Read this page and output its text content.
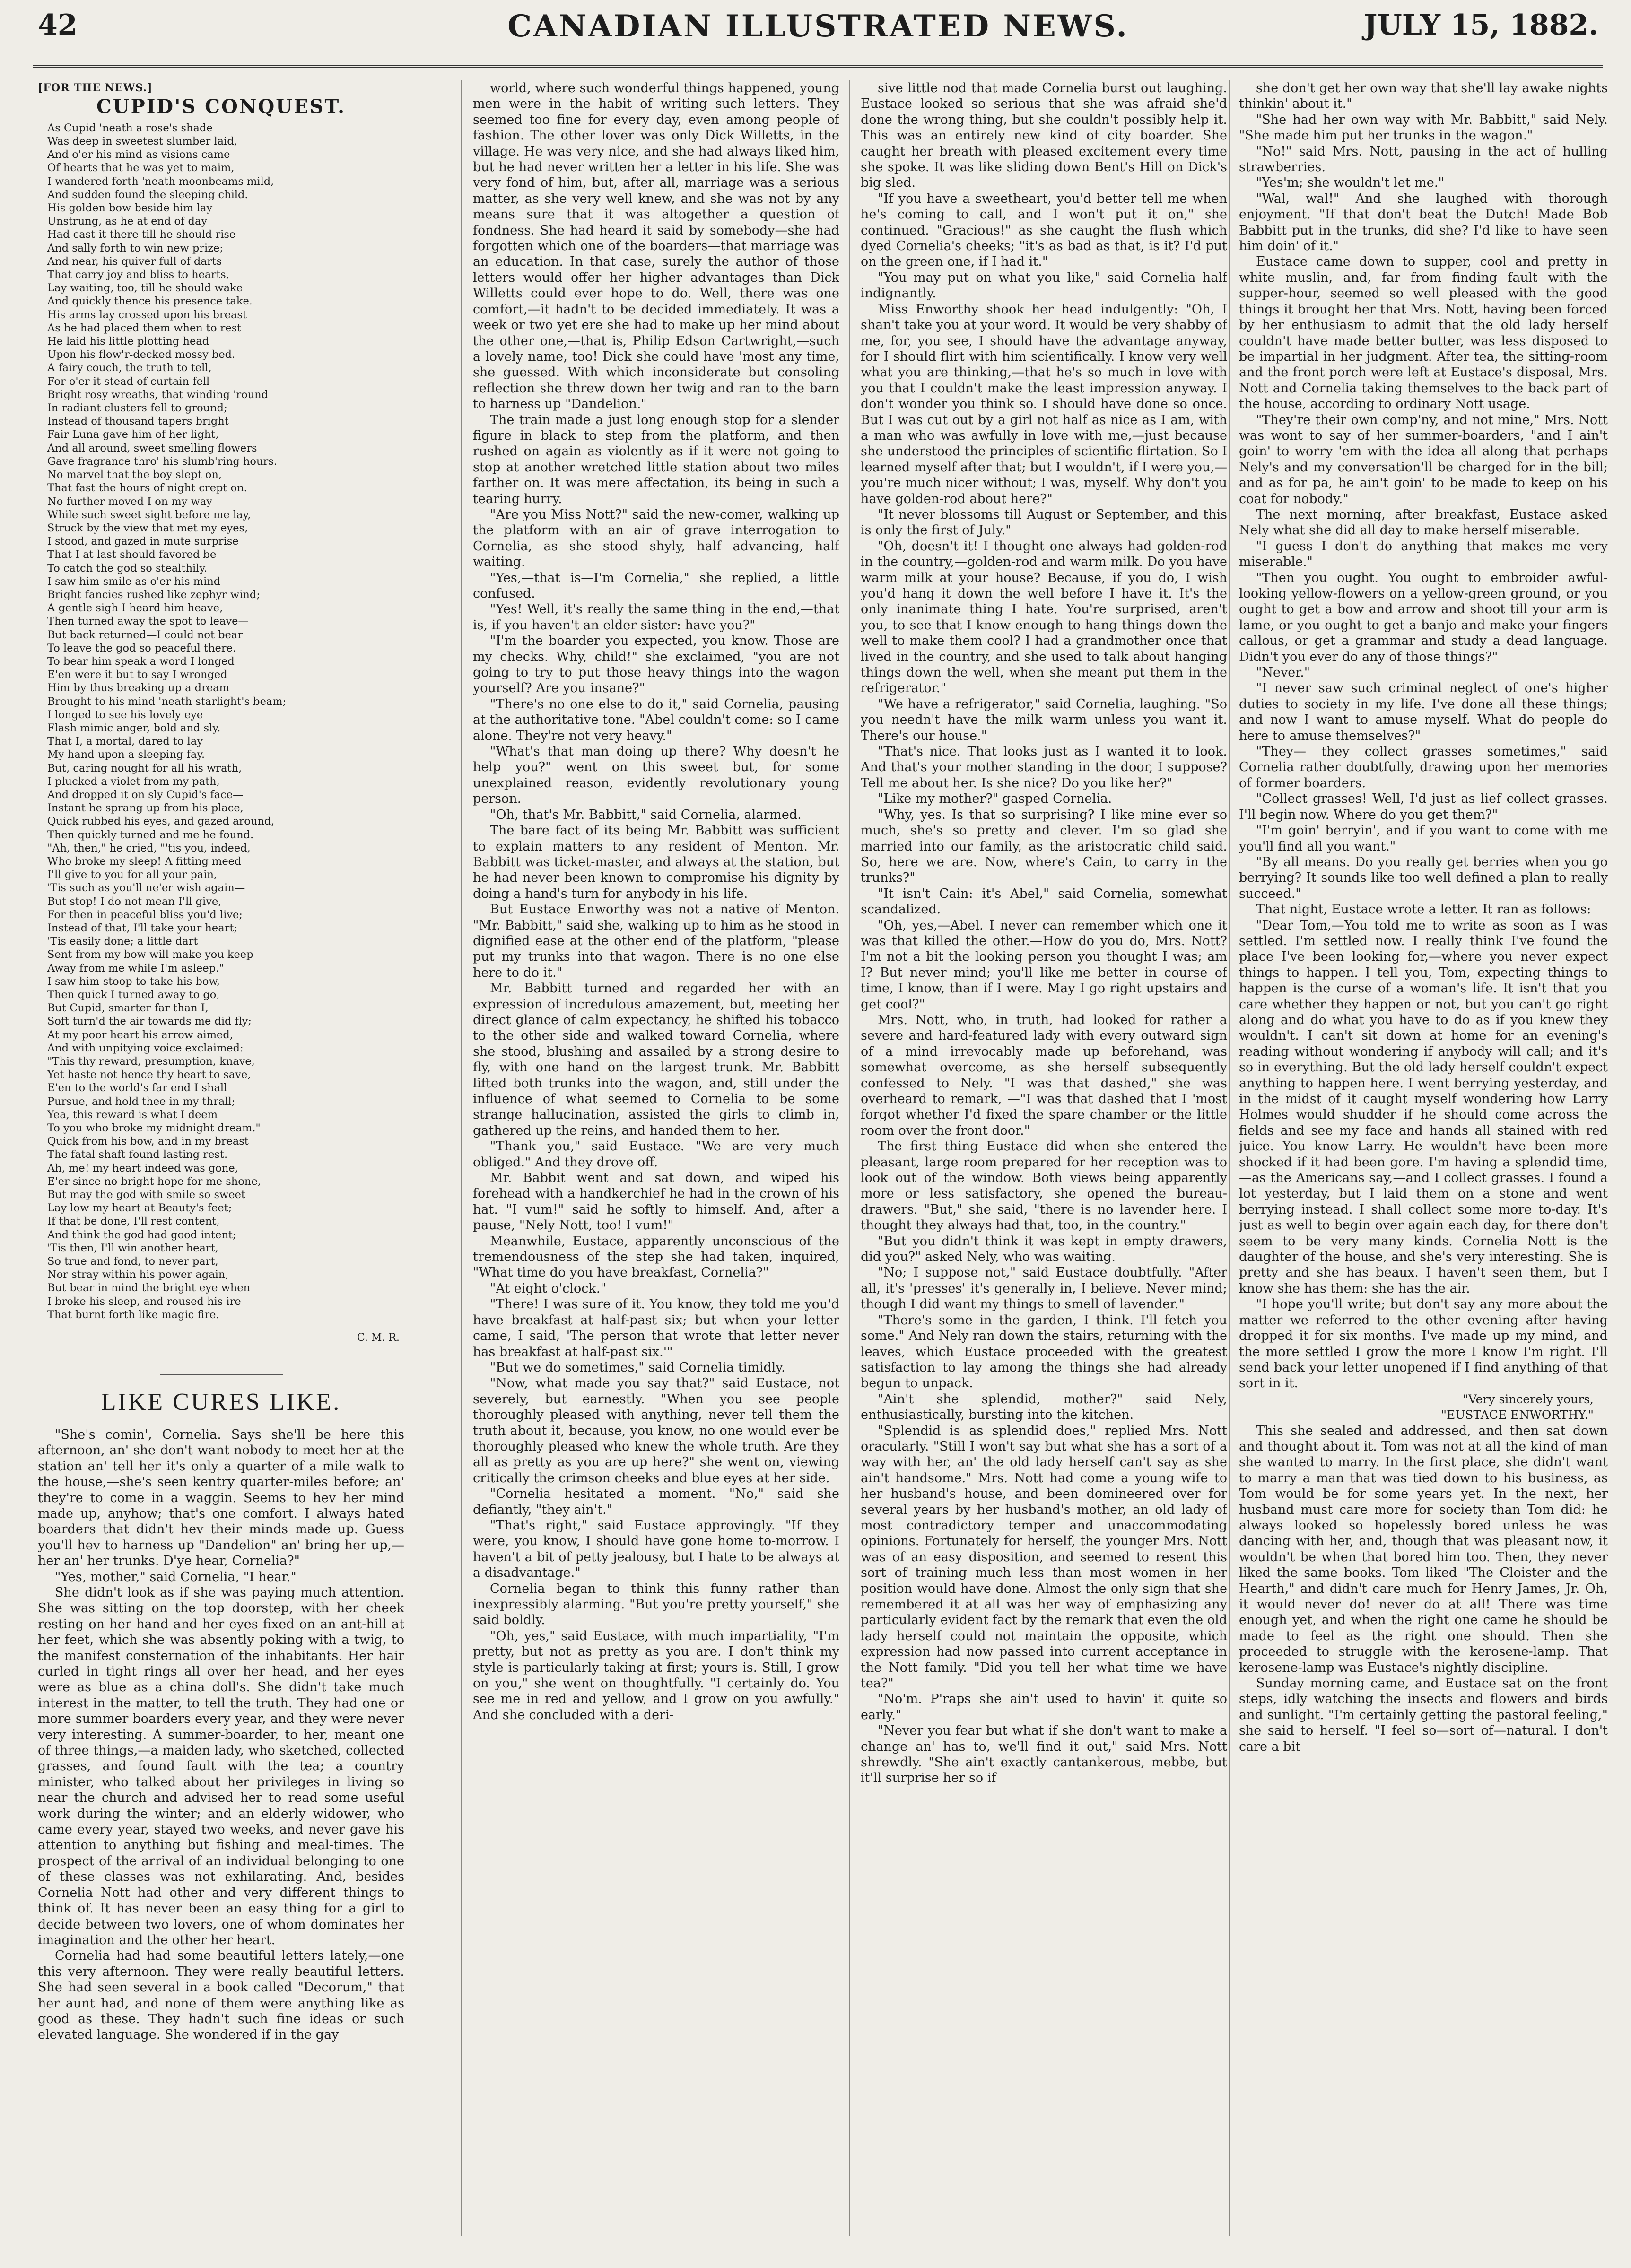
42	CANADIAN ILLUSTRATED NEWS.	JULY 15, 1882.
[FOR THE NEWS.]
CUPID'S CONQUEST.
As Cupid 'neath a rose's shade
Was deep in sweetest slumber laid,
And o'er his mind as visions came
Of hearts that he was yet to maim,
I wandered forth 'neath moonbeams mild,
And sudden found the sleeping child.
His golden bow beside him lay
Unstrung, as he at end of day
Had cast it there till he should rise
And sally forth to win new prize;
And near, his quiver full of darts
That carry joy and bliss to hearts,
Lay waiting, too, till he should wake
And quickly thence his presence take.
His arms lay crossed upon his breast
As he had placed them when to rest
He laid his little plotting head
Upon his flow'r-decked mossy bed.
A fairy couch, the truth to tell,
For o'er it stead of curtain fell
Bright rosy wreaths, that winding 'round
In radiant clusters fell to ground;
Instead of thousand tapers bright
Fair Luna gave him of her light,
And all around, sweet smelling flowers
Gave fragrance thro' his slumb'ring hours.
No marvel that the boy slept on,
That fast the hours of night crept on.
No further moved I on my way
While such sweet sight before me lay,
Struck by the view that met my eyes,
I stood, and gazed in mute surprise
That I at last should favored be
To catch the god so stealthily.
I saw him smile as o'er his mind
Bright fancies rushed like zephyr wind;
A gentle sigh I heard him heave,
Then turned away the spot to leave—
But back returned—I could not bear
To leave the god so peaceful there.
To bear him speak a word I longed
E'en were it but to say I wronged
Him by thus breaking up a dream
Brought to his mind 'neath starlight's beam;
I longed to see his lovely eye
Flash mimic anger, bold and sly.
That I, a mortal, dared to lay
My hand upon a sleeping fay.
But, caring nought for all his wrath,
I plucked a violet from my path,
And dropped it on sly Cupid's face—
Instant he sprang up from his place,
Quick rubbed his eyes, and gazed around,
Then quickly turned and me he found.
"Ah, then," he cried, "'tis you, indeed,
Who broke my sleep! A fitting meed
I'll give to you for all your pain,
'Tis such as you'll ne'er wish again—
But stop! I do not mean I'll give,
For then in peaceful bliss you'd live;
Instead of that, I'll take your heart;
'Tis easily done; a little dart
Sent from my bow will make you keep
Away from me while I'm asleep."
I saw him stoop to take his bow,
Then quick I turned away to go,
But Cupid, smarter far than I,
Soft turn'd the air towards me did fly;
At my poor heart his arrow aimed,
And with unpitying voice exclaimed:
"This thy reward, presumption, knave,
Yet haste not hence thy heart to save,
E'en to the world's far end I shall
Pursue, and hold thee in my thrall;
Yea, this reward is what I deem
To you who broke my midnight dream."
Quick from his bow, and in my breast
The fatal shaft found lasting rest.
Ah, me! my heart indeed was gone,
E'er since no bright hope for me shone,
But may the god with smile so sweet
Lay low my heart at Beauty's feet;
If that be done, I'll rest content,
And think the god had good intent;
'Tis then, I'll win another heart,
So true and fond, to never part,
Nor stray within his power again,
But bear in mind the bright eye when
I broke his sleep, and roused his ire
That burnt forth like magic fire.
C. M. R.
LIKE CURES LIKE.

"She's comin', Cornelia. Says she'll be here this afternoon, an' she don't want nobody to meet her at the station an' tell her it's only a quarter of a mile walk to the house,—she's seen kentry quarter-miles before; an' they're to come in a waggin. Seems to hev her mind made up, anyhow; that's one comfort. I always hated boarders that didn't hev their minds made up. Guess you'll hev to harness up "Dandelion" an' bring her up,—her an' her trunks. D'ye hear, Cornelia?"

"Yes, mother," said Cornelia, "I hear."

She didn't look as if she was paying much attention. She was sitting on the top doorstep, with her cheek resting on her hand and her eyes fixed on an ant-hill at her feet, which she was absently poking with a twig, to the manifest consternation of the inhabitants. Her hair curled in tight rings all over her head, and her eyes were as blue as a china doll's. She didn't take much interest in the matter, to tell the truth. They had one or more summer boarders every year, and they were never very interesting. A summer-boarder, to her, meant one of three things,—a maiden lady, who sketched, collected grasses, and found fault with the tea; a country minister, who talked about her privileges in living so near the church and advised her to read some useful work during the winter; and an elderly widower, who came every year, stayed two weeks, and never gave his attention to anything but fishing and meal-times. The prospect of the arrival of an individual belonging to one of these classes was not exhilarating. And, besides Cornelia Nott had other and very different things to think of. It has never been an easy thing for a girl to decide between two lovers, one of whom dominates her imagination and the other her heart.

Cornelia had had some beautiful letters lately,—one this very afternoon. They were really beautiful letters. She had seen several in a book called "Decorum," that her aunt had, and none of them were anything like as good as these. They hadn't such fine ideas or such elevated language. She wondered if in the gay

world, where such wonderful things happened, young men were in the habit of writing such letters. They seemed too fine for every day, even among people of fashion. The other lover was only Dick Willetts, in the village. He was very nice, and she had always liked him, but he had never written her a letter in his life. She was very fond of him, but, after all, marriage was a serious matter, as she very well knew, and she was not by any means sure that it was altogether a question of fondness. She had heard it said by somebody—she had forgotten which one of the boarders—that marriage was an education. In that case, surely the author of those letters would offer her higher advantages than Dick Willetts could ever hope to do. Well, there was one comfort,—it hadn't to be decided immediately. It was a week or two yet ere she had to make up her mind about the other one,—that is, Philip Edson Cartwright,—such a lovely name, too! Dick she could have 'most any time, she guessed. With which inconsiderate but consoling reflection she threw down her twig and ran to the barn to harness up "Dandelion."

The train made a just long enough stop for a slender figure in black to step from the platform, and then rushed on again as violently as if it were not going to stop at another wretched little station about two miles farther on. It was mere affectation, its being in such a tearing hurry.

"Are you Miss Nott?" said the new-comer, walking up the platform with an air of grave interrogation to Cornelia, as she stood shyly, half advancing, half waiting.

"Yes,—that is—I'm Cornelia," she replied, a little confused.

"Yes! Well, it's really the same thing in the end,—that is, if you haven't an elder sister: have you?"

"I'm the boarder you expected, you know. Those are my checks. Why, child!" she exclaimed, "you are not going to try to put those heavy things into the wagon yourself? Are you insane?"

"There's no one else to do it," said Cornelia, pausing at the authoritative tone. "Abel couldn't come: so I came alone. They're not very heavy."

"What's that man doing up there? Why doesn't he help you?" went on this sweet but, for some unexplained reason, evidently revolutionary young person.

"Oh, that's Mr. Babbitt," said Cornelia, alarmed.

The bare fact of its being Mr. Babbitt was sufficient to explain matters to any resident of Menton. Mr. Babbitt was ticket-master, and always at the station, but he had never been known to compromise his dignity by doing a hand's turn for anybody in his life.

But Eustace Enworthy was not a native of Menton. "Mr. Babbitt," said she, walking up to him as he stood in dignified ease at the other end of the platform, "please put my trunks into that wagon. There is no one else here to do it."

Mr. Babbitt turned and regarded her with an expression of incredulous amazement, but, meeting her direct glance of calm expectancy, he shifted his tobacco to the other side and walked toward Cornelia, where she stood, blushing and assailed by a strong desire to fly, with one hand on the largest trunk. Mr. Babbitt lifted both trunks into the wagon, and, still under the influence of what seemed to Cornelia to be some strange hallucination, assisted the girls to climb in, gathered up the reins, and handed them to her.

"Thank you," said Eustace. "We are very much obliged." And they drove off.

Mr. Babbit went and sat down, and wiped his forehead with a handkerchief he had in the crown of his hat. "I vum!" said he softly to himself. And, after a pause, "Nely Nott, too! I vum!"

Meanwhile, Eustace, apparently unconscious of the tremendousness of the step she had taken, inquired, "What time do you have breakfast, Cornelia?"

"At eight o'clock."

"There! I was sure of it. You know, they told me you'd have breakfast at half-past six; but when your letter came, I said, 'The person that wrote that letter never has breakfast at half-past six.'"

"But we do sometimes," said Cornelia timidly.

"Now, what made you say that?" said Eustace, not severely, but earnestly. "When you see people thoroughly pleased with anything, never tell them the truth about it, because, you know, no one would ever be thoroughly pleased who knew the whole truth. Are they all as pretty as you are up here?" she went on, viewing critically the crimson cheeks and blue eyes at her side.

"Cornelia hesitated a moment. "No," said she defiantly, "they ain't."

"That's right," said Eustace approvingly. "If they were, you know, I should have gone home to-morrow. I haven't a bit of petty jealousy, but I hate to be always at a disadvantage."

Cornelia began to think this funny rather than inexpressibly alarming. "But you're pretty yourself," she said boldly.

"Oh, yes," said Eustace, with much impartiality, "I'm pretty, but not as pretty as you are. I don't think my style is particularly taking at first; yours is. Still, I grow on you," she went on thoughtfully. "I certainly do. You see me in red and yellow, and I grow on you awfully." And she concluded with a deri-

sive little nod that made Cornelia burst out laughing. Eustace looked so serious that she was afraid she'd done the wrong thing, but she couldn't possibly help it. This was an entirely new kind of city boarder. She caught her breath with pleased excitement every time she spoke. It was like sliding down Bent's Hill on Dick's big sled.

"If you have a sweetheart, you'd better tell me when he's coming to call, and I won't put it on," she continued. "Gracious!" as she caught the flush which dyed Cornelia's cheeks; "it's as bad as that, is it? I'd put on the green one, if I had it."

"You may put on what you like," said Cornelia half indignantly.

Miss Enworthy shook her head indulgently: "Oh, I shan't take you at your word. It would be very shabby of me, for, you see, I should have the advantage anyway, for I should flirt with him scientifically. I know very well what you are thinking,—that he's so much in love with you that I couldn't make the least impression anyway. I don't wonder you think so. I should have done so once. But I was cut out by a girl not half as nice as I am, with a man who was awfully in love with me,—just because she understood the principles of scientific flirtation. So I learned myself after that; but I wouldn't, if I were you,—you're much nicer without; I was, myself. Why don't you have golden-rod about here?"

"It never blossoms till August or September, and this is only the first of July."

"Oh, doesn't it! I thought one always had golden-rod in the country,—golden-rod and warm milk. Do you have warm milk at your house? Because, if you do, I wish you'd hang it down the well before I have it. It's the only inanimate thing I hate. You're surprised, aren't you, to see that I know enough to hang things down the well to make them cool? I had a grandmother once that lived in the country, and she used to talk about hanging things down the well, when she meant put them in the refrigerator."

"We have a refrigerator," said Cornelia, laughing. "So you needn't have the milk warm unless you want it. There's our house."

"That's nice. That looks just as I wanted it to look. And that's your mother standing in the door, I suppose? Tell me about her. Is she nice? Do you like her?"

"Like my mother?" gasped Cornelia.

"Why, yes. Is that so surprising? I like mine ever so much, she's so pretty and clever. I'm so glad she married into our family, as the aristocratic child said. So, here we are. Now, where's Cain, to carry in the trunks?"

"It isn't Cain: it's Abel," said Cornelia, somewhat scandalized.

"Oh, yes,—Abel. I never can remember which one it was that killed the other.—How do you do, Mrs. Nott? I'm not a bit the looking person you thought I was; am I? But never mind; you'll like me better in course of time, I know, than if I were. May I go right upstairs and get cool?"

Mrs. Nott, who, in truth, had looked for rather a severe and hard-featured lady with every outward sign of a mind irrevocably made up beforehand, was somewhat overcome, as she herself subsequently confessed to Nely. "I was that dashed," she was overheard to remark, —"I was that dashed that I 'most forgot whether I'd fixed the spare chamber or the little room over the front door."

The first thing Eustace did when she entered the pleasant, large room prepared for her reception was to look out of the window. Both views being apparently more or less satisfactory, she opened the bureau-drawers. "But," she said, "there is no lavender here. I thought they always had that, too, in the country."

"But you didn't think it was kept in empty drawers, did you?" asked Nely, who was waiting.

"No; I suppose not," said Eustace doubtfully. "After all, it's 'presses' it's generally in, I believe. Never mind; though I did want my things to smell of lavender."

"There's some in the garden, I think. I'll fetch you some." And Nely ran down the stairs, returning with the leaves, which Eustace proceeded with the greatest satisfaction to lay among the things she had already begun to unpack.

"Ain't she splendid, mother?" said Nely, enthusiastically, bursting into the kitchen.

"Splendid is as splendid does," replied Mrs. Nott oracularly. "Still I won't say but what she has a sort of a way with her, an' the old lady herself can't say as she ain't handsome." Mrs. Nott had come a young wife to her husband's house, and been domineered over for several years by her husband's mother, an old lady of most contradictory temper and unaccommodating opinions. Fortunately for herself, the younger Mrs. Nott was of an easy disposition, and seemed to resent this sort of training much less than most women in her position would have done. Almost the only sign that she remembered it at all was her way of emphasizing any particularly evident fact by the remark that even the old lady herself could not maintain the opposite, which expression had now passed into current acceptance in the Nott family. "Did you tell her what time we have tea?"

"No'm. P'raps she ain't used to havin' it quite so early."

"Never you fear but what if she don't want to make a change an' has to, we'll find it out," said Mrs. Nott shrewdly. "She ain't exactly cantankerous, mebbe, but it'll surprise her so if

she don't get her own way that she'll lay awake nights thinkin' about it."

"She had her own way with Mr. Babbitt," said Nely. "She made him put her trunks in the wagon."

"No!" said Mrs. Nott, pausing in the act of hulling strawberries.

"Yes'm; she wouldn't let me."

"Wal, wal!" And she laughed with thorough enjoyment. "If that don't beat the Dutch! Made Bob Babbitt put in the trunks, did she? I'd like to have seen him doin' of it."

Eustace came down to supper, cool and pretty in white muslin, and, far from finding fault with the supper-hour, seemed so well pleased with the good things it brought her that Mrs. Nott, having been forced by her enthusiasm to admit that the old lady herself couldn't have made better butter, was less disposed to be impartial in her judgment. After tea, the sitting-room and the front porch were left at Eustace's disposal, Mrs. Nott and Cornelia taking themselves to the back part of the house, according to ordinary Nott usage.

"They're their own comp'ny, and not mine," Mrs. Nott was wont to say of her summer-boarders, "and I ain't goin' to worry 'em with the idea all along that perhaps Nely's and my conversation'll be charged for in the bill; and as for pa, he ain't goin' to be made to keep on his coat for nobody."

The next morning, after breakfast, Eustace asked Nely what she did all day to make herself miserable.

"I guess I don't do anything that makes me very miserable."

"Then you ought. You ought to embroider awful-looking yellow-flowers on a yellow-green ground, or you ought to get a bow and arrow and shoot till your arm is lame, or you ought to get a banjo and make your fingers callous, or get a grammar and study a dead language. Didn't you ever do any of those things?"

"Never."

"I never saw such criminal neglect of one's higher duties to society in my life. I've done all these things; and now I want to amuse myself. What do people do here to amuse themselves?"

"They— they collect grasses sometimes," said Cornelia rather doubtfully, drawing upon her memories of former boarders.

"Collect grasses! Well, I'd just as lief collect grasses. I'll begin now. Where do you get them?"

"I'm goin' berryin', and if you want to come with me you'll find all you want."

"By all means. Do you really get berries when you go berrying? It sounds like too well defined a plan to really succeed."

That night, Eustace wrote a letter. It ran as follows:

"Dear Tom,—You told me to write as soon as I was settled. I'm settled now. I really think I've found the place I've been looking for,—where you never expect things to happen. I tell you, Tom, expecting things to happen is the curse of a woman's life. It isn't that you care whether they happen or not, but you can't go right along and do what you have to do as if you knew they wouldn't. I can't sit down at home for an evening's reading without wondering if anybody will call; and it's so in everything. But the old lady herself couldn't expect anything to happen here. I went berrying yesterday, and in the midst of it caught myself wondering how Larry Holmes would shudder if he should come across the fields and see my face and hands all stained with red juice. You know Larry. He wouldn't have been more shocked if it had been gore. I'm having a splendid time,—as the Americans say,—and I collect grasses. I found a lot yesterday, but I laid them on a stone and went berrying instead. I shall collect some more to-day. It's just as well to begin over again each day, for there don't seem to be very many kinds. Cornelia Nott is the daughter of the house, and she's very interesting. She is pretty and she has beaux. I haven't seen them, but I know she has them: she has the air.

"I hope you'll write; but don't say any more about the matter we referred to the other evening after having dropped it for six months. I've made up my mind, and the more settled I grow the more I know I'm right. I'll send back your letter unopened if I find anything of that sort in it.

"Very sincerely yours,

"EUSTACE ENWORTHY."

This she sealed and addressed, and then sat down and thought about it. Tom was not at all the kind of man she wanted to marry. In the first place, she didn't want to marry a man that was tied down to his business, as Tom would be for some years yet. In the next, her husband must care more for society than Tom did: he always looked so hopelessly bored unless he was dancing with her, and, though that was pleasant now, it wouldn't be when that bored him too. Then, they never liked the same books. Tom liked "The Cloister and the Hearth," and didn't care much for Henry James, Jr. Oh, it would never do! never do at all! There was time enough yet, and when the right one came he should be made to feel as the right one should. Then she proceeded to struggle with the kerosene-lamp. That kerosene-lamp was Eustace's nightly discipline.

Sunday morning came, and Eustace sat on the front steps, idly watching the insects and flowers and birds and sunlight. "I'm certainly getting the pastoral feeling," she said to herself. "I feel so—sort of—natural. I don't care a bit
